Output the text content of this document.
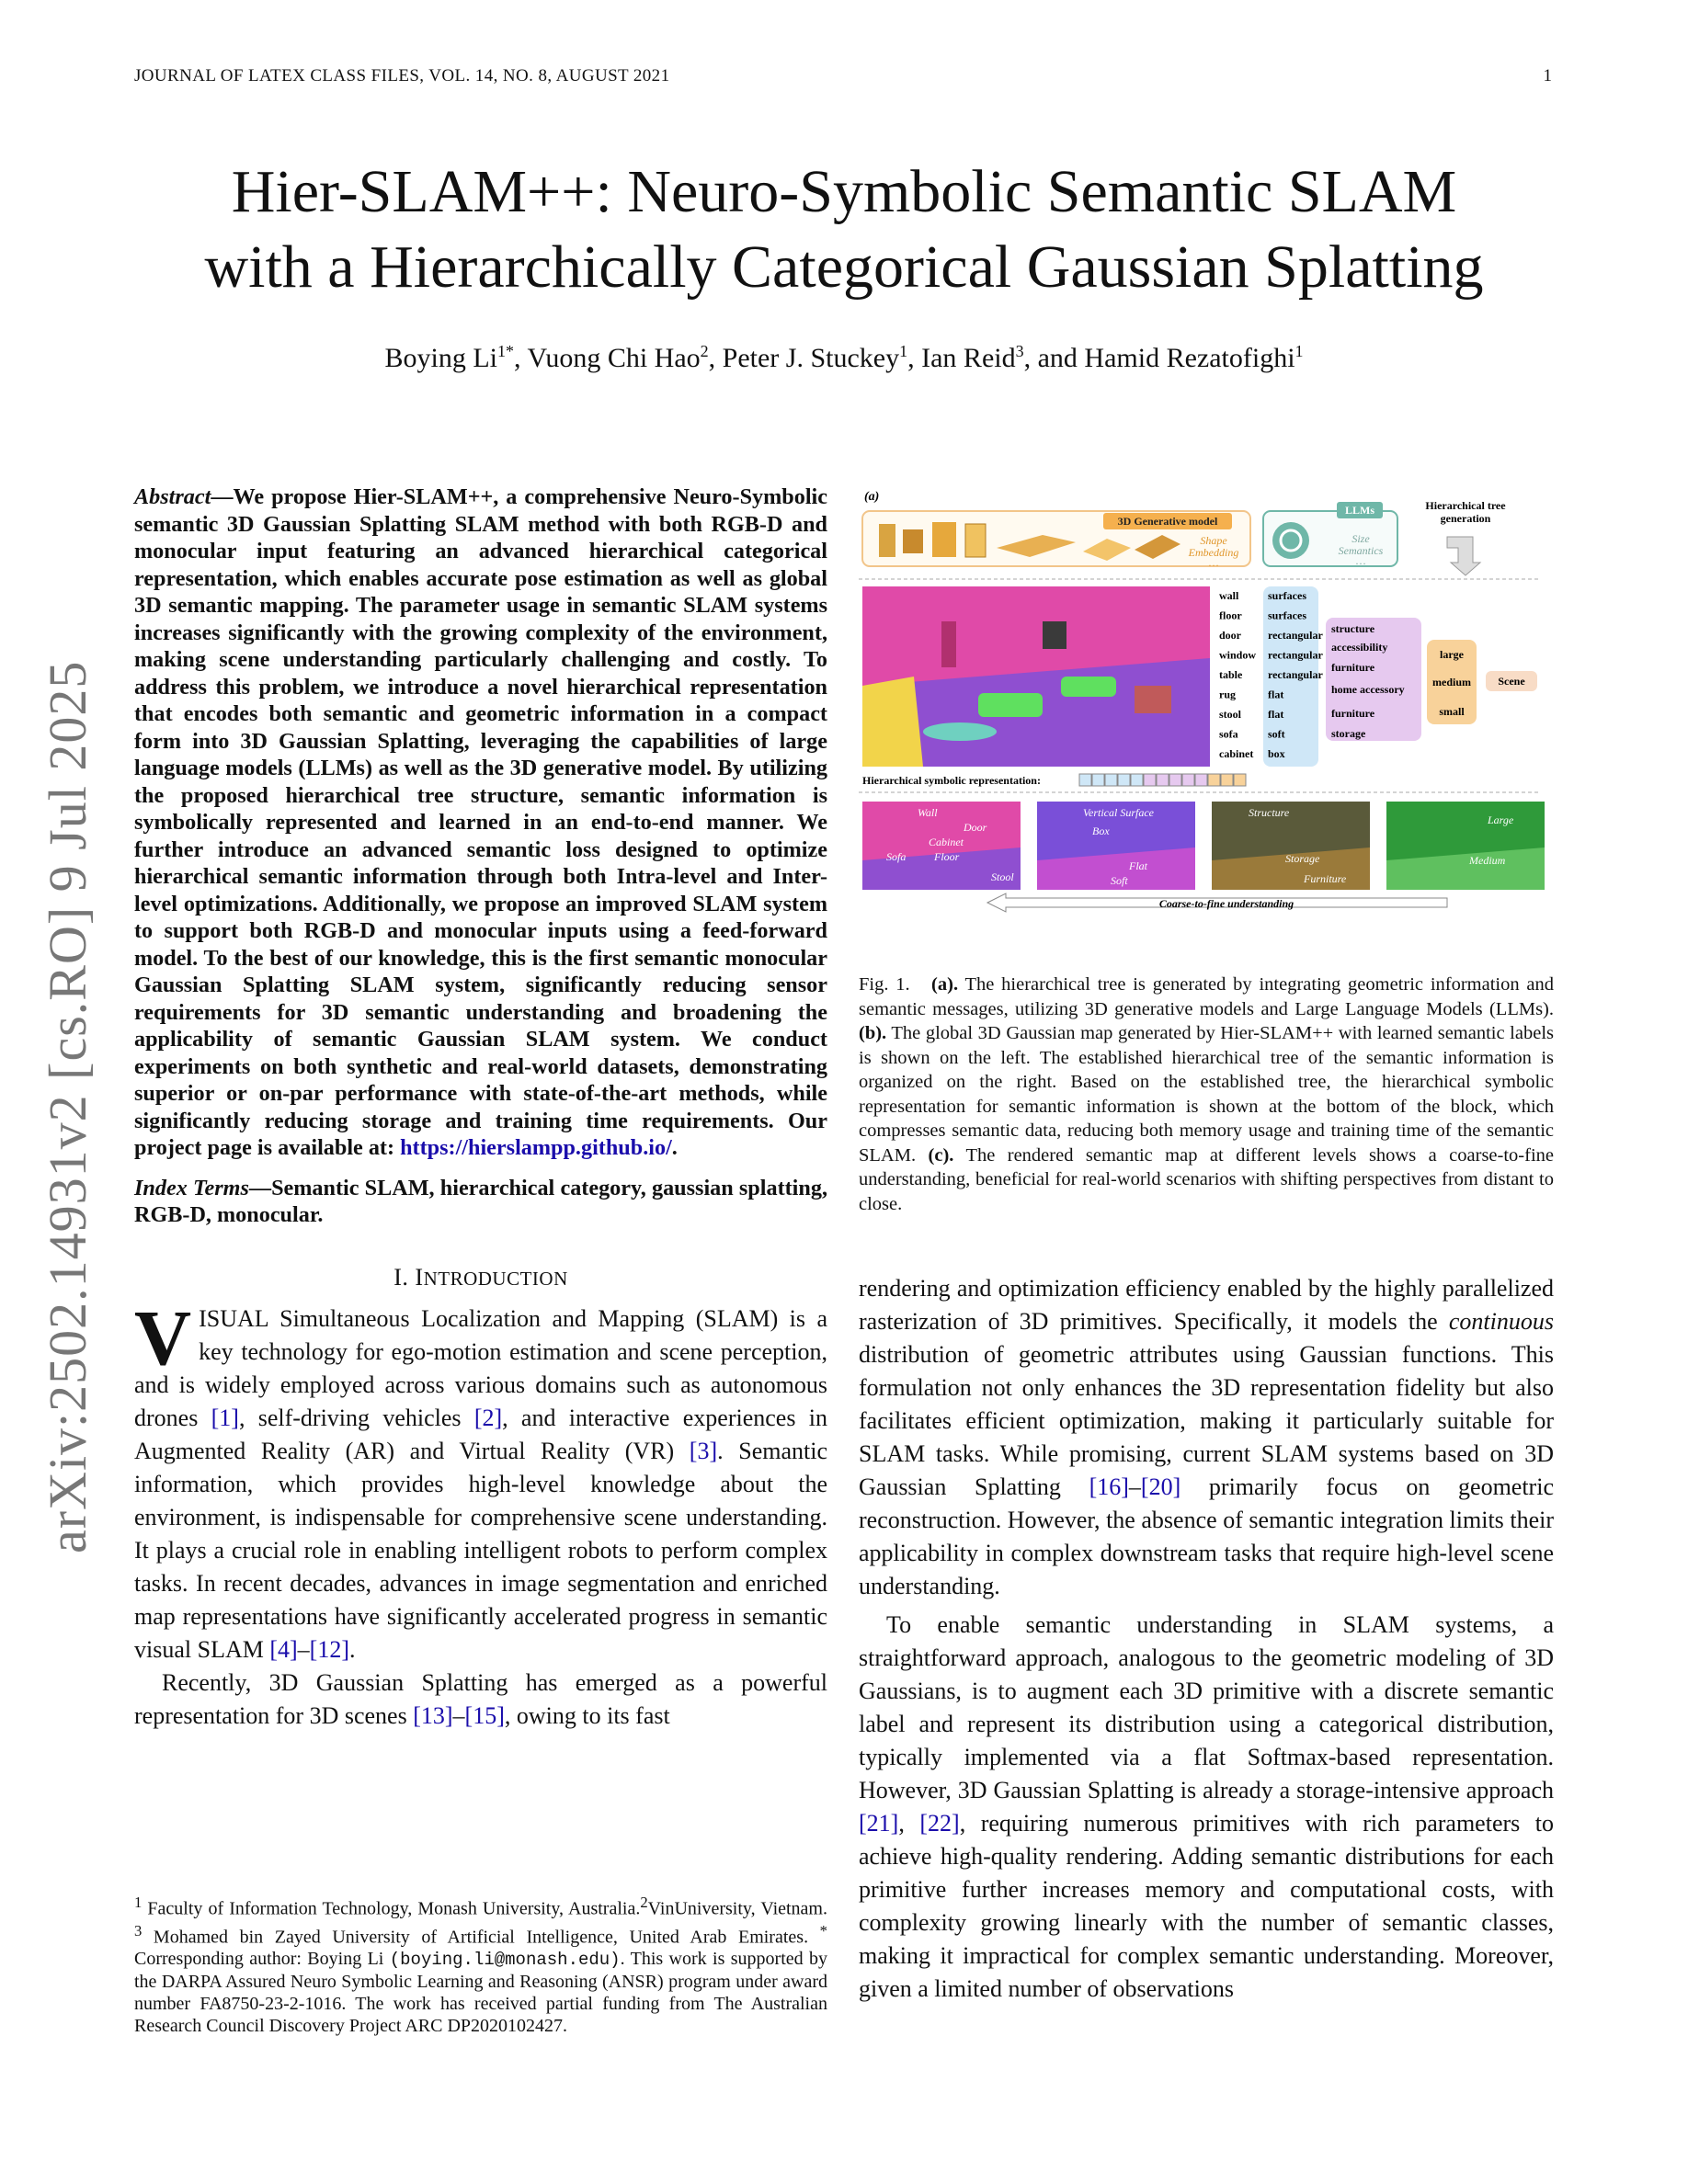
JOURNAL OF LATEX CLASS FILES, VOL. 14, NO. 8, AUGUST 2021	1
arXiv:2502.14931v2 [cs.RO] 9 Jul 2025
Hier-SLAM++: Neuro-Symbolic Semantic SLAM
with a Hierarchically Categorical Gaussian Splatting
Boying $Li^{1*}$, Vuong Chi Hao$^2$, Peter J. Stuckey$^1$, Ian Reid$^3$, and Hamid Rezatofighi$^1$
Abstract—We propose Hier-SLAM++, a comprehensive Neuro-Symbolic semantic 3D Gaussian Splatting SLAM method with both RGB-D and monocular input featuring an advanced hierarchical categorical representation, which enables accurate pose estimation as well as global 3D semantic mapping. The parameter usage in semantic SLAM systems increases significantly with the growing complexity of the environment, making scene understanding particularly challenging and costly. To address this problem, we introduce a novel hierarchical representation that encodes both semantic and geometric information in a compact form into 3D Gaussian Splatting, leveraging the capabilities of large language models (LLMs) as well as the 3D generative model. By utilizing the proposed hierarchical tree structure, semantic information is symbolically represented and learned in an end-to-end manner. We further introduce an advanced semantic loss designed to optimize hierarchical semantic information through both Intra-level and Inter-level optimizations. Additionally, we propose an improved SLAM system to support both RGB-D and monocular inputs using a feed-forward model. To the best of our knowledge, this is the first semantic monocular Gaussian Splatting SLAM system, significantly reducing sensor requirements for 3D semantic understanding and broadening the applicability of semantic Gaussian SLAM system. We conduct experiments on both synthetic and real-world datasets, demonstrating superior or on-par performance with state-of-the-art methods, while significantly reducing storage and training time requirements. Our project page is available at: https://hierslampp.github.io/.
Index Terms—Semantic SLAM, hierarchical category, gaussian splatting, RGB-D, monocular.
I. INTRODUCTION

VISUAL Simultaneous Localization and Mapping (SLAM) is a key technology for ego-motion estimation and scene perception, and is widely employed across various domains such as autonomous drones [1], self-driving vehicles [2], and interactive experiences in Augmented Reality (AR) and Virtual Reality (VR) [3]. Semantic information, which provides high-level knowledge about the environment, is indispensable for comprehensive scene understanding. It plays a crucial role in enabling intelligent robots to perform complex tasks. In recent decades, advances in image segmentation and enriched map representations have significantly accelerated progress in semantic visual SLAM [4]–[12].

Recently, 3D Gaussian Splatting has emerged as a powerful representation for 3D scenes [13]–[15], owing to its fast

$^1$ Faculty of Information Technology, Monash University, Australia.$^2$VinUniversity, Vietnam. $^3$ Mohamed bin Zayed University of Artificial Intelligence, United Arab Emirates. * Corresponding author: Boying Li (boying.li@monash.edu). This work is supported by the DARPA Assured Neuro Symbolic Learning and Reasoning (ANSR) program under award number FA8750-23-2-1016. The work has received partial funding from The Australian Research Council Discovery Project ARC DP2020102427.
(a)
3D Generative model
Shape
Embedding
…
LLMs
Size
Semantics
…
Hierarchical tree
generation
wall
floor
door
window
table
rug
stool
sofa
cabinet
surfaces
surfaces
rectangular
rectangular
rectangular
flat
flat
soft
box
structure
accessibility
furniture
home accessory
furniture
storage
large
medium
small
Scene
Hierarchical symbolic representation:
Wall
Door
Cabinet
Sofa	Floor
Stool
Vertical Surface
Box
Flat
Soft
Structure
Storage
Furniture
Large
Medium
Coarse-to-fine understanding
Fig. 1. (a). The hierarchical tree is generated by integrating geometric information and semantic messages, utilizing 3D generative models and Large Language Models (LLMs). (b). The global 3D Gaussian map generated by Hier-SLAM++ with learned semantic labels is shown on the left. The established hierarchical tree of the semantic information is organized on the right. Based on the established tree, the hierarchical symbolic representation for semantic information is shown at the bottom of the block, which compresses semantic data, reducing both memory usage and training time of the semantic SLAM. (c). The rendered semantic map at different levels shows a coarse-to-fine understanding, beneficial for real-world scenarios with shifting perspectives from distant to close.

rendering and optimization efficiency enabled by the highly parallelized rasterization of 3D primitives. Specifically, it models the continuous distribution of geometric attributes using Gaussian functions. This formulation not only enhances the 3D representation fidelity but also facilitates efficient optimization, making it particularly suitable for SLAM tasks. While promising, current SLAM systems based on 3D Gaussian Splatting [16]–[20] primarily focus on geometric reconstruction. However, the absence of semantic integration limits their applicability in complex downstream tasks that require high-level scene understanding.

To enable semantic understanding in SLAM systems, a straightforward approach, analogous to the geometric modeling of 3D Gaussians, is to augment each 3D primitive with a discrete semantic label and represent its distribution using a categorical distribution, typically implemented via a flat Softmax-based representation. However, 3D Gaussian Splatting is already a storage-intensive approach [21], [22], requiring numerous primitives with rich parameters to achieve high-quality rendering. Adding semantic distributions for each primitive further increases memory and computational costs, with complexity growing linearly with the number of semantic classes, making it impractical for complex semantic understanding. Moreover, given a limited number of observations
